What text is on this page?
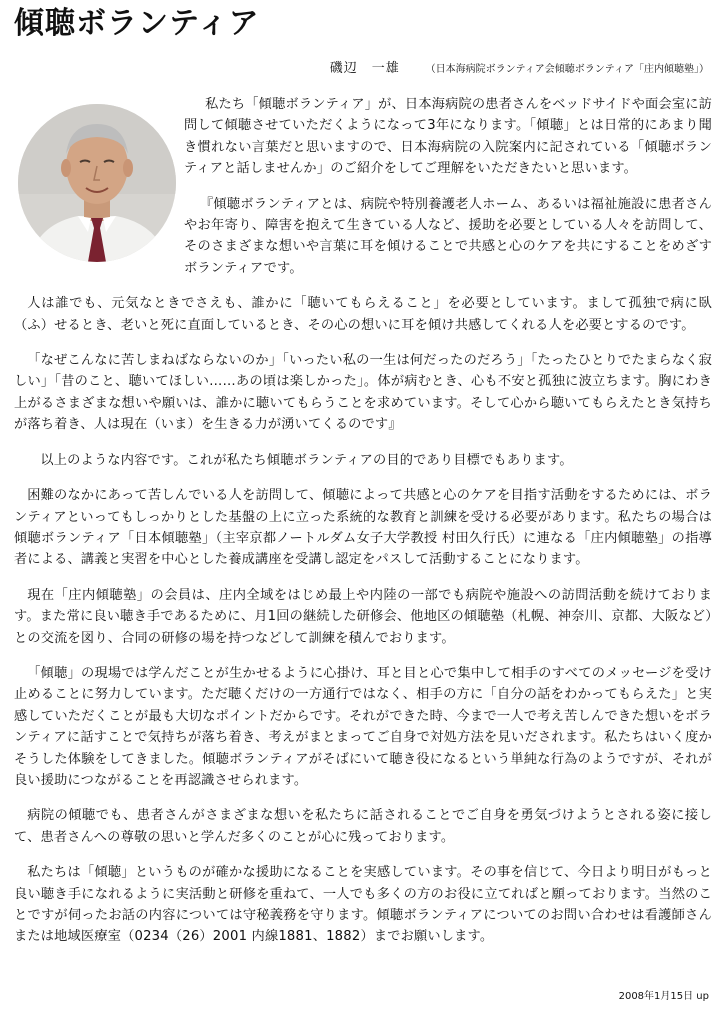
傾聴ボランティア
磯辺　一雄	（日本海病院ボランティア会傾聴ボランティア「庄内傾聴塾」）

私たち「傾聴ボランティア」が、日本海病院の患者さんをベッドサイドや面会室に訪問して傾聴させていただくようになって3年になります。「傾聴」とは日常的にあまり聞き慣れない言葉だと思いますので、日本海病院の入院案内に記されている「傾聴ボランティアと話しませんか」のご紹介をしてご理解をいただきたいと思います。

『傾聴ボランティアとは、病院や特別養護老人ホーム、あるいは福祉施設に患者さんやお年寄り、障害を抱えて生きている人など、援助を必要としている人々を訪問して、そのさまざまな想いや言葉に耳を傾けることで共感と心のケアを共にすることをめざすボランティアです。

人は誰でも、元気なときでさえも、誰かに「聴いてもらえること」を必要としています。まして孤独で病に臥（ふ）せるとき、老いと死に直面しているとき、その心の想いに耳を傾け共感してくれる人を必要とするのです。

「なぜこんなに苦しまねばならないのか」「いったい私の一生は何だったのだろう」「たったひとりでたまらなく寂しい」「昔のこと、聴いてほしい……あの頃は楽しかった」。体が病むとき、心も不安と孤独に波立ちます。胸にわき上がるさまざまな想いや願いは、誰かに聴いてもらうことを求めています。そして心から聴いてもらえたとき気持ちが落ち着き、人は現在（いま）を生きる力が湧いてくるのです』

以上のような内容です。これが私たち傾聴ボランティアの目的であり目標でもあります。

困難のなかにあって苦しんでいる人を訪問して、傾聴によって共感と心のケアを目指す活動をするためには、ボランティアといってもしっかりとした基盤の上に立った系統的な教育と訓練を受ける必要があります。私たちの場合は傾聴ボランティア「日本傾聴塾」（主宰京都ノートルダム女子大学教授 村田久行氏）に連なる「庄内傾聴塾」の指導者による、講義と実習を中心とした養成講座を受講し認定をパスして活動することになります。

現在「庄内傾聴塾」の会員は、庄内全域をはじめ最上や内陸の一部でも病院や施設への訪問活動を続けております。また常に良い聴き手であるために、月1回の継続した研修会、他地区の傾聴塾（札幌、神奈川、京都、大阪など）との交流を図り、合同の研修の場を持つなどして訓練を積んでおります。

「傾聴」の現場では学んだことが生かせるように心掛け、耳と目と心で集中して相手のすべてのメッセージを受け止めることに努力しています。ただ聴くだけの一方通行ではなく、相手の方に「自分の話をわかってもらえた」と実感していただくことが最も大切なポイントだからです。それができた時、今まで一人で考え苦しんできた想いをボランティアに話すことで気持ちが落ち着き、考えがまとまってご自身で対処方法を見いだされます。私たちはいく度かそうした体験をしてきました。傾聴ボランティアがそばにいて聴き役になるという単純な行為のようですが、それが良い援助につながることを再認識させられます。

病院の傾聴でも、患者さんがさまざまな想いを私たちに話されることでご自身を勇気づけようとされる姿に接して、患者さんへの尊敬の思いと学んだ多くのことが心に残っております。

私たちは「傾聴」というものが確かな援助になることを実感しています。その事を信じて、今日より明日がもっと良い聴き手になれるように実活動と研修を重ねて、一人でも多くの方のお役に立てればと願っております。当然のことですが伺ったお話の内容については守秘義務を守ります。傾聴ボランティアについてのお問い合わせは看護師さんまたは地域医療室（0234（26）2001 内線1881、1882）までお願いします。

2008年1月15日 up
